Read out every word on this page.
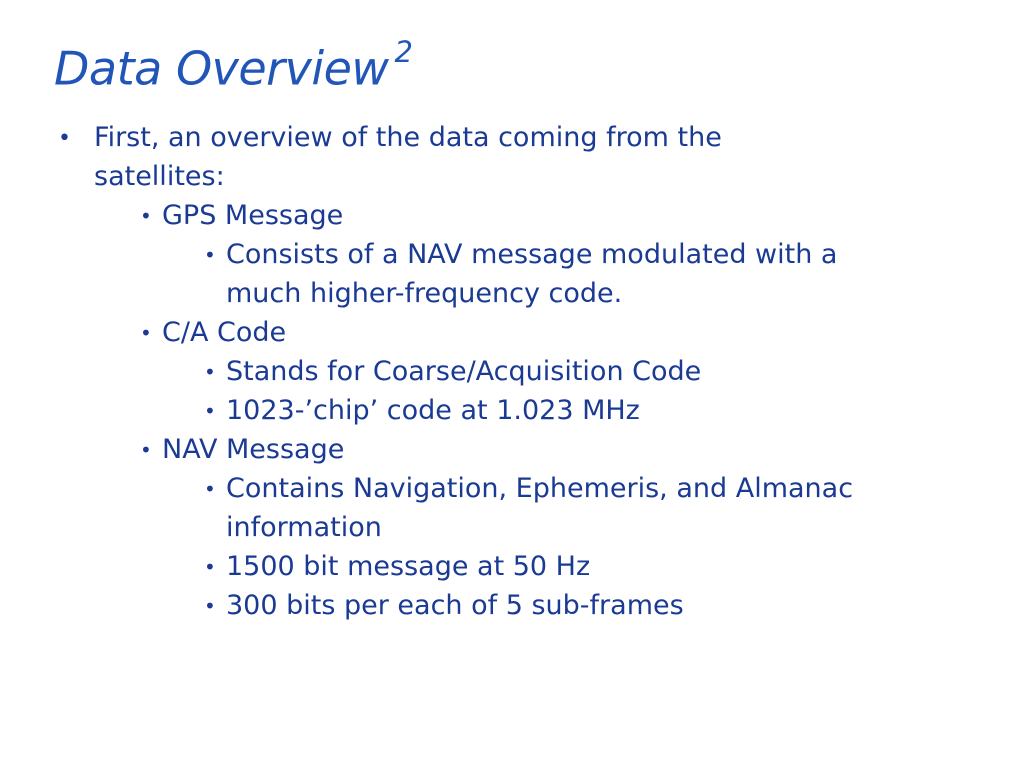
Data Overview $^2$
• First, an overview of the data coming from the
satellites:
• GPS Message
• Consists of a NAV message modulated with a
much higher-frequency code.
• C/A Code
• Stands for Coarse/Acquisition Code
• 1023-’chip’ code at 1.023 MHz
• NAV Message
• Contains Navigation, Ephemeris, and Almanac
information
• 1500 bit message at 50 Hz
• 300 bits per each of 5 sub-frames
